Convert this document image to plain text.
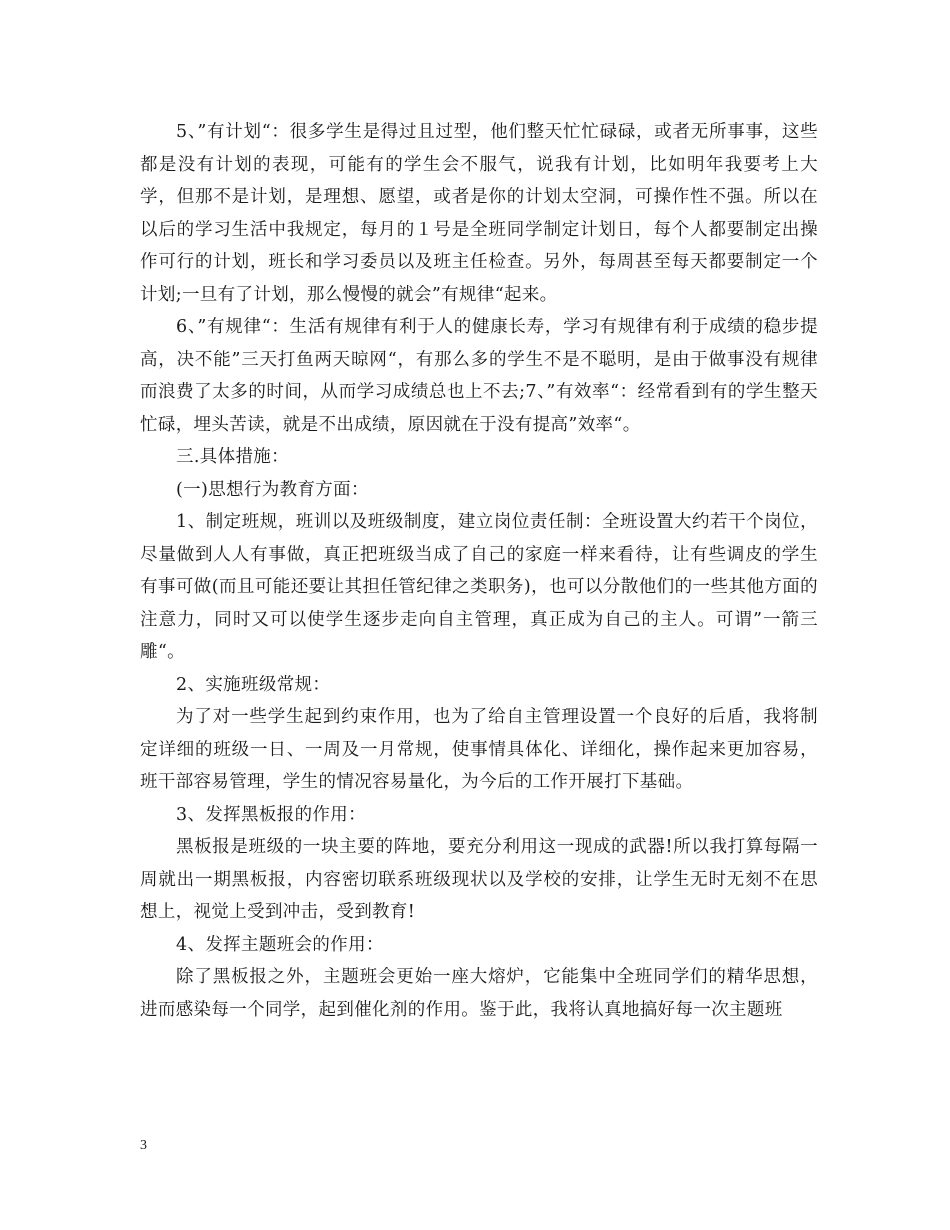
5、”有计划“：很多学生是得过且过型，他们整天忙忙碌碌，或者无所事事，这些都是没有计划的表现，可能有的学生会不服气，说我有计划，比如明年我要考上大学，但那不是计划，是理想、愿望，或者是你的计划太空洞，可操作性不强。所以在以后的学习生活中我规定，每月的１号是全班同学制定计划日，每个人都要制定出操作可行的计划，班长和学习委员以及班主任检查。另外，每周甚至每天都要制定一个计划;一旦有了计划，那么慢慢的就会”有规律“起来。

6、”有规律“：生活有规律有利于人的健康长寿，学习有规律有利于成绩的稳步提高，决不能”三天打鱼两天晾网“，有那么多的学生不是不聪明，是由于做事没有规律而浪费了太多的时间，从而学习成绩总也上不去;7、”有效率“：经常看到有的学生整天忙碌，埋头苦读，就是不出成绩，原因就在于没有提高”效率“。

三.具体措施：

(一)思想行为教育方面：

1、制定班规，班训以及班级制度，建立岗位责任制：全班设置大约若干个岗位，尽量做到人人有事做，真正把班级当成了自己的家庭一样来看待，让有些调皮的学生有事可做(而且可能还要让其担任管纪律之类职务)，也可以分散他们的一些其他方面的注意力，同时又可以使学生逐步走向自主管理，真正成为自己的主人。可谓”一箭三雕“。

2、实施班级常规：

为了对一些学生起到约束作用，也为了给自主管理设置一个良好的后盾，我将制定详细的班级一日、一周及一月常规，使事情具体化、详细化，操作起来更加容易，班干部容易管理，学生的情况容易量化，为今后的工作开展打下基础。

3、发挥黑板报的作用：

黑板报是班级的一块主要的阵地，要充分利用这一现成的武器!所以我打算每隔一周就出一期黑板报，内容密切联系班级现状以及学校的安排，让学生无时无刻不在思想上，视觉上受到冲击，受到教育!

4、发挥主题班会的作用：

除了黑板报之外，主题班会更始一座大熔炉，它能集中全班同学们的精华思想，进而感染每一个同学，起到催化剂的作用。鉴于此，我将认真地搞好每一次主题班

3
